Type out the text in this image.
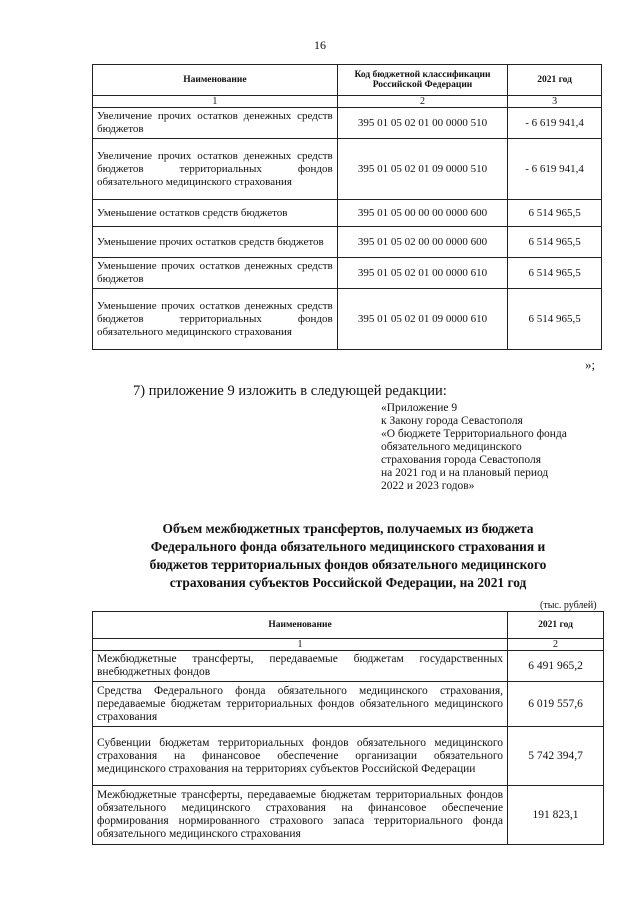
16
Наименование	Код бюджетной классификации Российской Федерации	2021 год
1	2	3
Увеличение прочих остатков денежных средств бюджетов	395 01 05 02 01 00 0000 510	- 6 619 941,4
Увеличение прочих остатков денежных средств бюджетов территориальных фондов обязательного медицинского страхования	395 01 05 02 01 09 0000 510	- 6 619 941,4
Уменьшение остатков средств бюджетов	395 01 05 00 00 00 0000 600	6 514 965,5
Уменьшение прочих остатков средств бюджетов	395 01 05 02 00 00 0000 600	6 514 965,5
Уменьшение прочих остатков денежных средств бюджетов	395 01 05 02 01 00 0000 610	6 514 965,5
Уменьшение прочих остатков денежных средств бюджетов территориальных фондов обязательного медицинского страхования	395 01 05 02 01 09 0000 610	6 514 965,5
»;
7) приложение 9 изложить в следующей редакции:
«Приложение 9
к Закону города Севастополя
«О бюджете Территориального фонда
обязательного медицинского
страхования города Севастополя
на 2021 год и на плановый период
2022 и 2023 годов»
Объем межбюджетных трансфертов, получаемых из бюджета
Федерального фонда обязательного медицинского страхования и
бюджетов территориальных фондов обязательного медицинского
страхования субъектов Российской Федерации, на 2021 год
(тыс. рублей)
Наименование	2021 год
1	2
Межбюджетные трансферты, передаваемые бюджетам государственных внебюджетных фондов	6 491 965,2
Средства Федерального фонда обязательного медицинского страхования, передаваемые бюджетам территориальных фондов обязательного медицинского страхования	6 019 557,6
Субвенции бюджетам территориальных фондов обязательного медицинского страхования на финансовое обеспечение организации обязательного медицинского страхования на территориях субъектов Российской Федерации	5 742 394,7
Межбюджетные трансферты, передаваемые бюджетам территориальных фондов обязательного медицинского страхования на финансовое обеспечение формирования нормированного страхового запаса территориального фонда обязательного медицинского страхования	191 823,1
